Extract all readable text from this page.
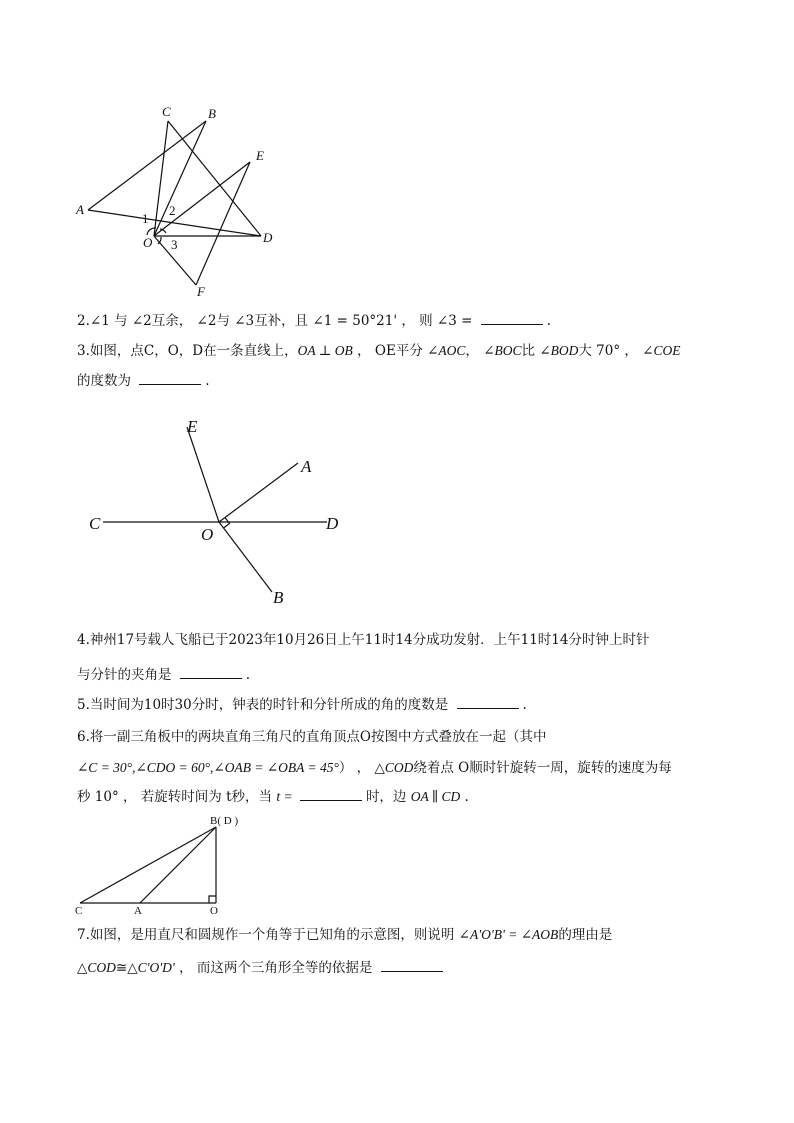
C	B
E
A
1
2
O 3	D
F
2.∠1 与 ∠2互余， ∠2与 ∠3互补，且 ∠1 = 50°21' ， 则 ∠3 =	.
3.如图，点C，O，D在一条直线上，OA ⊥ OB ， OE平分 ∠AOC， ∠BOC比 ∠BOD大 70° ， ∠COE
的度数为	.
E
A
C
O
D
B
4.神州17号载人飞船已于2023年10月26日上午11时14分成功发射．上午11时14分时钟上时针
与分针的夹角是	.
5.当时间为10时30分时，钟表的时针和分针所成的角的度数是	.
6.将一副三角板中的两块直角三角尺的直角顶点O按图中方式叠放在一起（其中
∠C = 30°,∠CDO = 60°,∠OAB = ∠OBA = 45°） ， △COD绕着点 O顺时针旋转一周，旋转的速度为每
秒 10° ， 若旋转时间为 t秒，当 t =	时，边 OA ∥ CD .
B( D )
C	A	O
7.如图，是用直尺和圆规作一个角等于已知角的示意图，则说明 ∠A'O'B' = ∠AOB的理由是
△COD≅△C'O'D' ， 而这两个三角形全等的依据是
